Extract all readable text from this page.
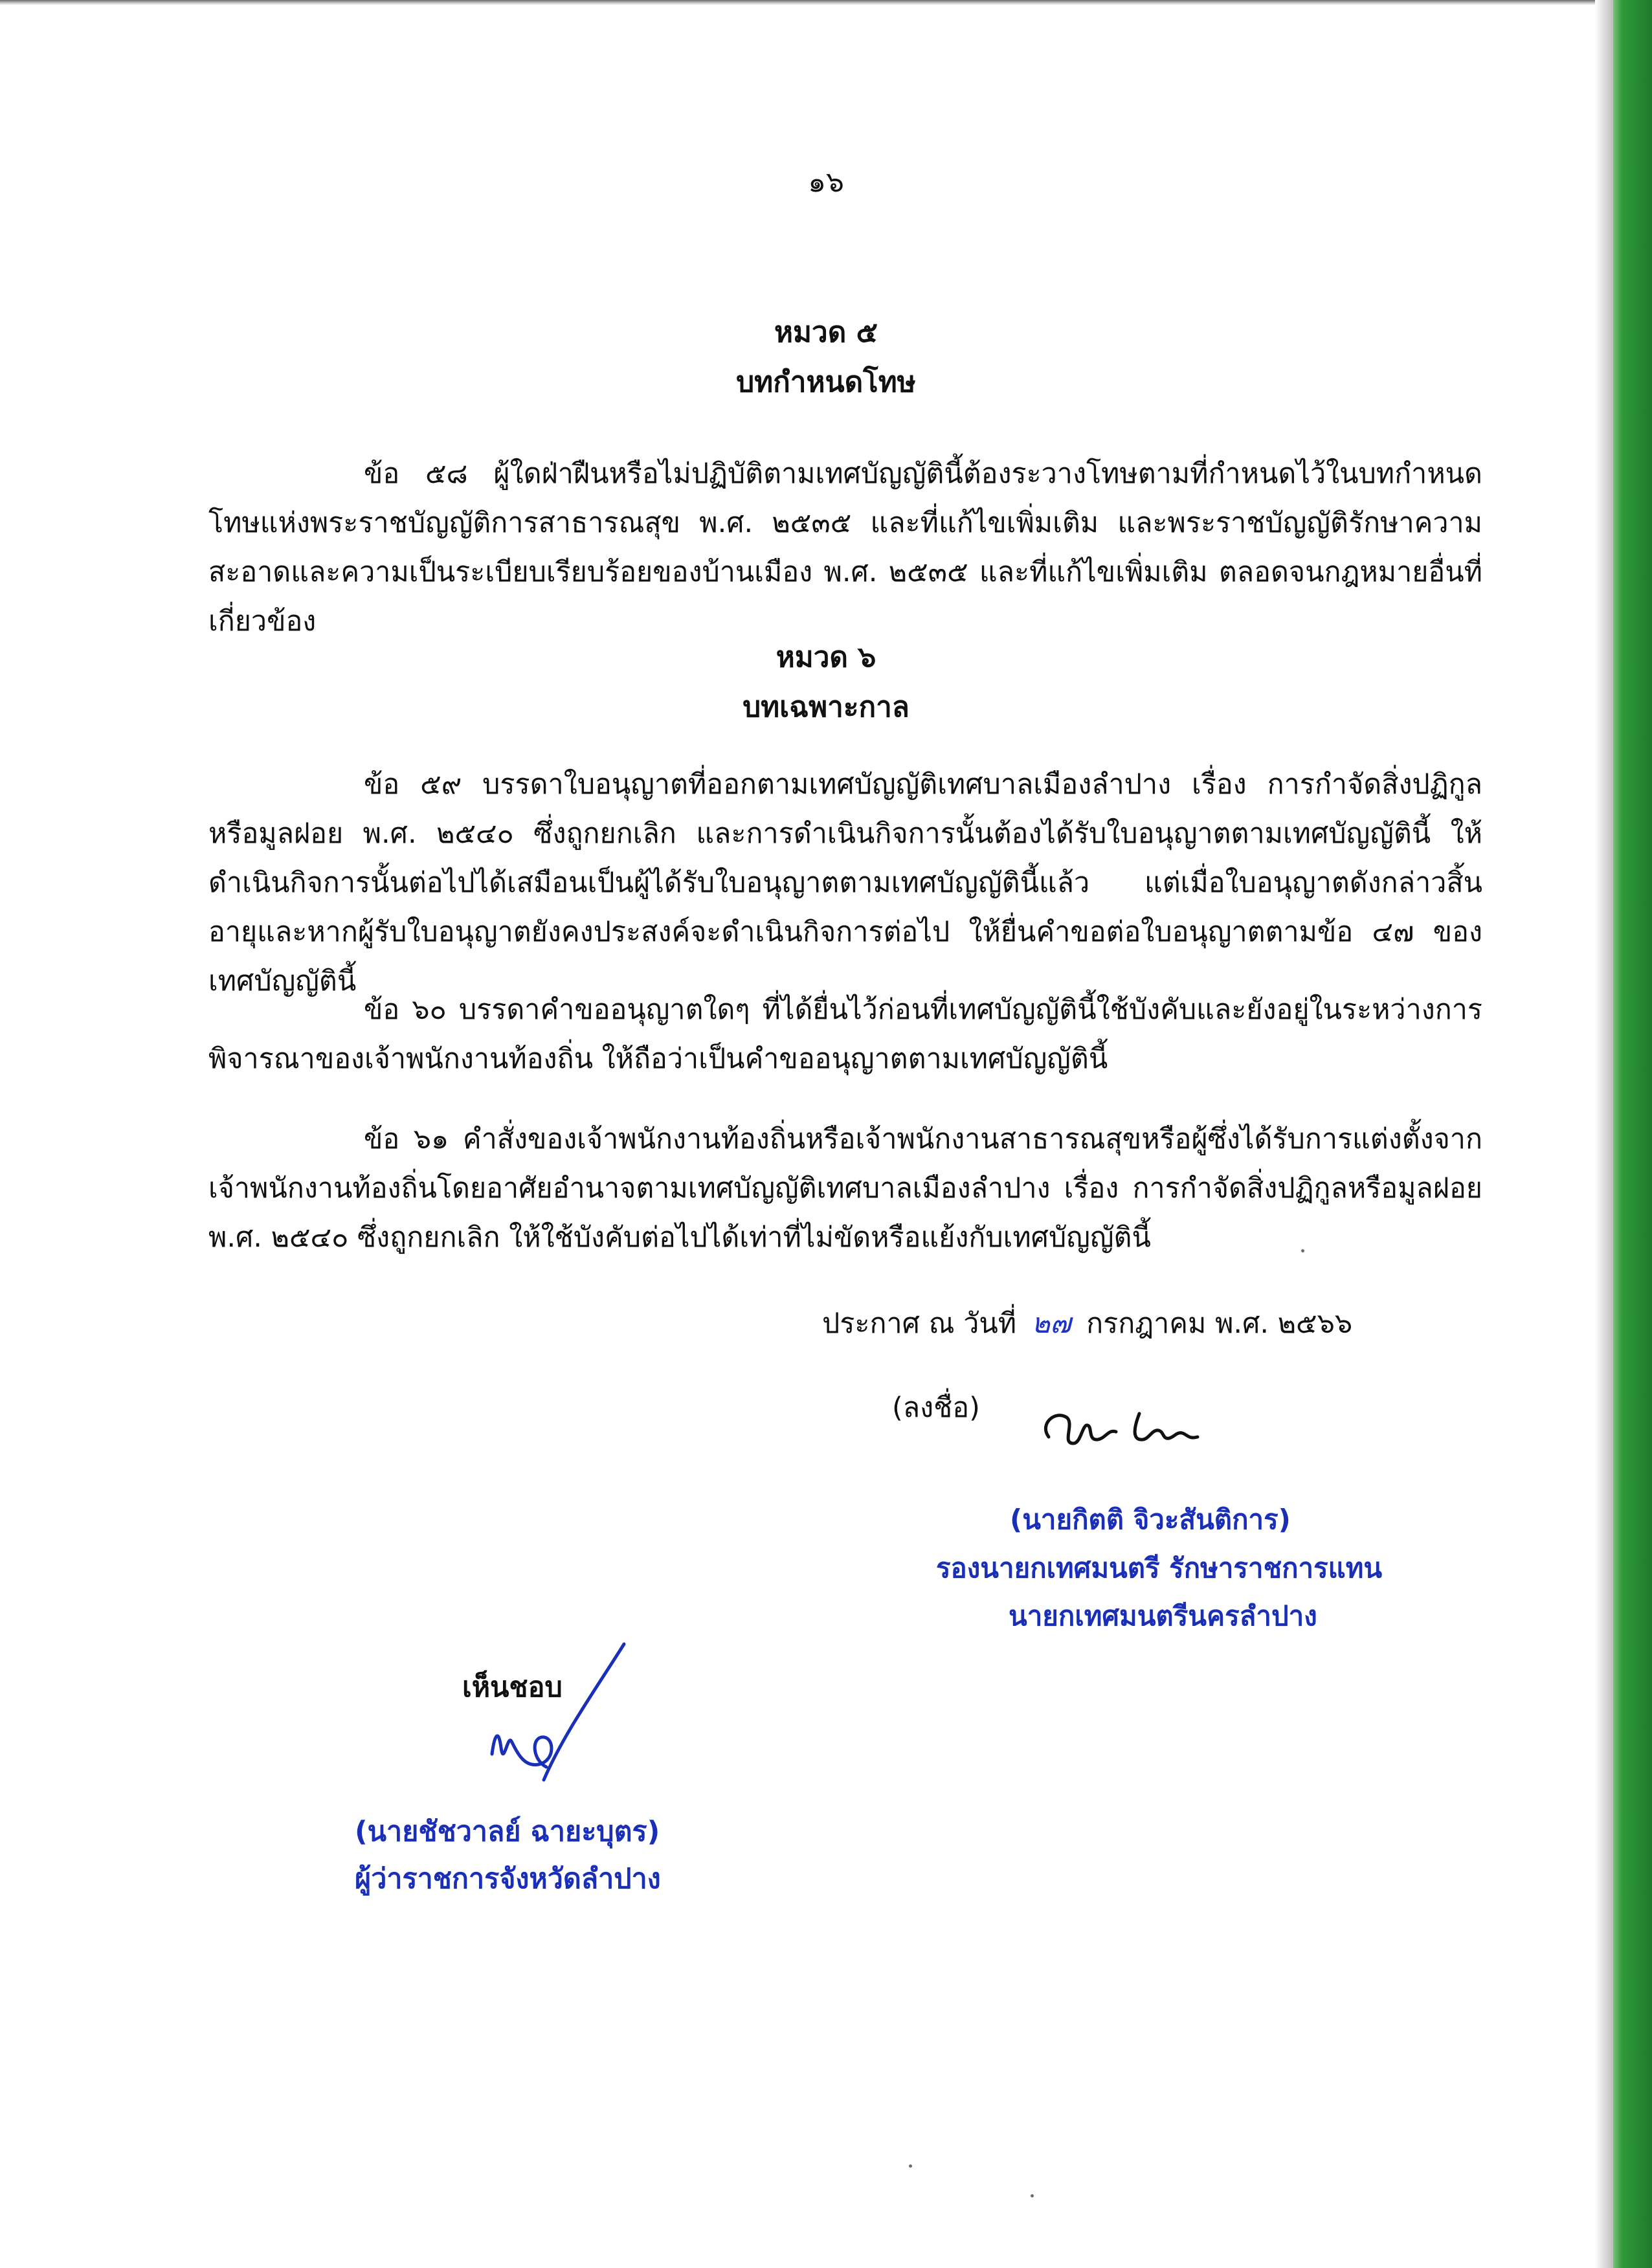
๑๖
หมวด ๕
บทกำหนดโทษ
ข้อ ๕๘ ผู้ใดฝ่าฝืนหรือไม่ปฏิบัติตามเทศบัญญัตินี้ต้องระวางโทษตามที่กำหนดไว้ในบทกำหนดโทษแห่งพระราชบัญญัติการสาธารณสุข พ.ศ. ๒๕๓๕ และที่แก้ไขเพิ่มเติม และพระราชบัญญัติรักษาความสะอาดและความเป็นระเบียบเรียบร้อยของบ้านเมือง พ.ศ. ๒๕๓๕ และที่แก้ไขเพิ่มเติม ตลอดจนกฎหมายอื่นที่เกี่ยวข้อง
หมวด ๖
บทเฉพาะกาล
ข้อ ๕๙ บรรดาใบอนุญาตที่ออกตามเทศบัญญัติเทศบาลเมืองลำปาง เรื่อง การกำจัดสิ่งปฏิกูลหรือมูลฝอย พ.ศ. ๒๕๔๐ ซึ่งถูกยกเลิก และการดำเนินกิจการนั้นต้องได้รับใบอนุญาตตามเทศบัญญัตินี้ ให้ดำเนินกิจการนั้นต่อไปได้เสมือนเป็นผู้ได้รับใบอนุญาตตามเทศบัญญัตินี้แล้ว แต่เมื่อใบอนุญาตดังกล่าวสิ้นอายุและหากผู้รับใบอนุญาตยังคงประสงค์จะดำเนินกิจการต่อไป ให้ยื่นคำขอต่อใบอนุญาตตามข้อ ๔๗ ของเทศบัญญัตินี้
ข้อ ๖๐ บรรดาคำขออนุญาตใดๆ ที่ได้ยื่นไว้ก่อนที่เทศบัญญัตินี้ใช้บังคับและยังอยู่ในระหว่างการพิจารณาของเจ้าพนักงานท้องถิ่น ให้ถือว่าเป็นคำขออนุญาตตามเทศบัญญัตินี้
ข้อ ๖๑ คำสั่งของเจ้าพนักงานท้องถิ่นหรือเจ้าพนักงานสาธารณสุขหรือผู้ซึ่งได้รับการแต่งตั้งจากเจ้าพนักงานท้องถิ่นโดยอาศัยอำนาจตามเทศบัญญัติเทศบาลเมืองลำปาง เรื่อง การกำจัดสิ่งปฏิกูลหรือมูลฝอย พ.ศ. ๒๕๔๐ ซึ่งถูกยกเลิก ให้ใช้บังคับต่อไปได้เท่าที่ไม่ขัดหรือแย้งกับเทศบัญญัตินี้
ประกาศ ณ วันที่ ๒๗ กรกฎาคม พ.ศ. ๒๕๖๖
(ลงชื่อ)
(นายกิตติ จิวะสันติการ)
รองนายกเทศมนตรี รักษาราชการแทน
นายกเทศมนตรีนครลำปาง
เห็นชอบ
(นายชัชวาลย์ ฉายะบุตร)
ผู้ว่าราชการจังหวัดลำปาง
